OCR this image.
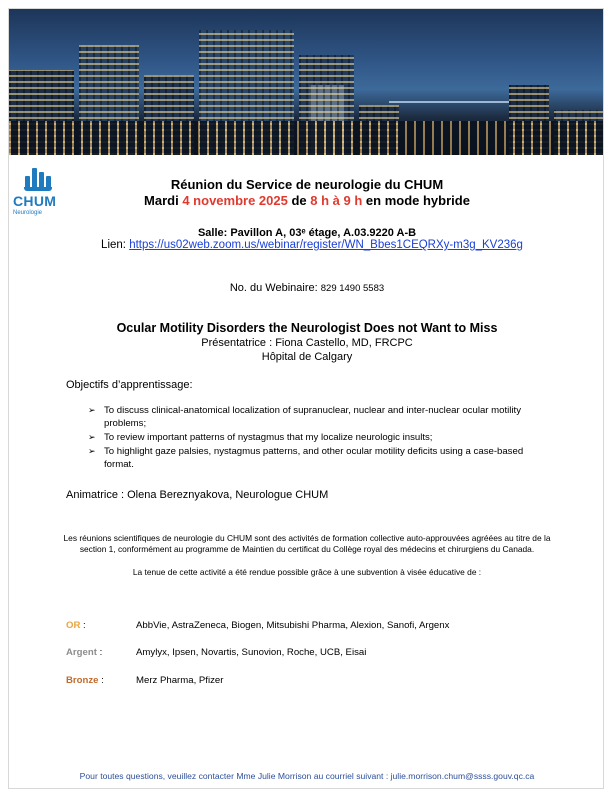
CHUM
Neurologie
Réunion du Service de neurologie du CHUM
Mardi 4 novembre 2025 de 8 h à 9 h en mode hybride
Salle: Pavillon A, 03ᵉ étage, A.03.9220 A-B
Lien: https://us02web.zoom.us/webinar/register/WN_Bbes1CEQRXy-m3g_KV236g
No. du Webinaire: 829 1490 5583
Ocular Motility Disorders the Neurologist Does not Want to Miss
Présentatrice : Fiona Castello, MD, FRCPC
Hôpital de Calgary
Objectifs d’apprentissage:
➢ To discuss clinical-anatomical localization of supranuclear, nuclear and inter-nuclear ocular motility problems;
➢ To review important patterns of nystagmus that my localize neurologic insults;
➢ To highlight gaze palsies, nystagmus patterns, and other ocular motility deficits using a case-based format.
Animatrice : Olena Bereznyakova, Neurologue CHUM
Les réunions scientifiques de neurologie du CHUM sont des activités de formation collective auto-approuvées agréées au titre de la section 1, conformément au programme de Maintien du certificat du Collège royal des médecins et chirurgiens du Canada.
La tenue de cette activité a été rendue possible grâce à une subvention à visée éducative de :
OR :	AbbVie, AstraZeneca, Biogen, Mitsubishi Pharma, Alexion, Sanofi, Argenx
Argent :	Amylyx, Ipsen, Novartis, Sunovion, Roche, UCB, Eisai
Bronze :	Merz Pharma, Pfizer
Pour toutes questions, veuillez contacter Mme Julie Morrison au courriel suivant : julie.morrison.chum@ssss.gouv.qc.ca
